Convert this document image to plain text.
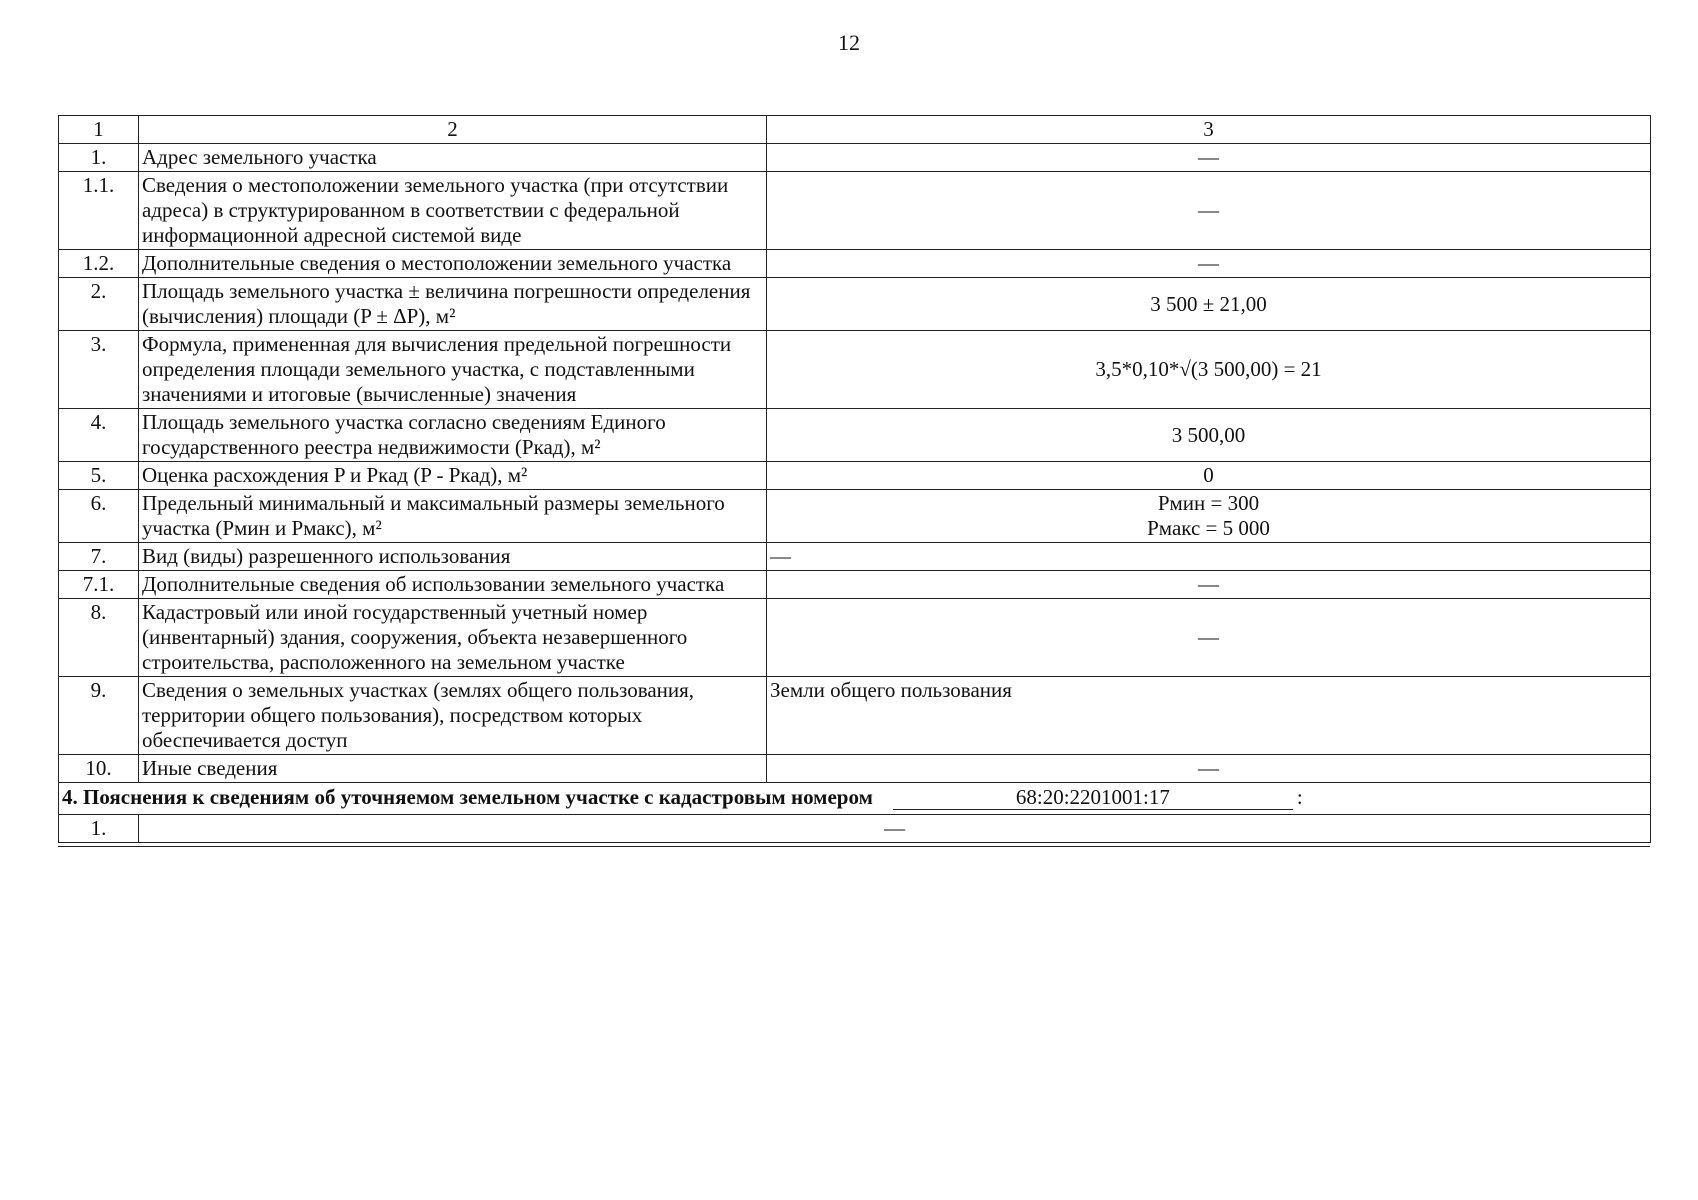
12
1	2	3
1.	Адрес земельного участка	—
1.1.	Сведения о местоположении земельного участка (при отсутствии адреса) в структурированном в соответствии с федеральной информационной адресной системой виде	—
1.2.	Дополнительные сведения о местоположении земельного участка	—
2.	Площадь земельного участка ± величина погрешности определения (вычисления) площади (P ± ΔP), м²	3 500 ± 21,00
3.	Формула, примененная для вычисления предельной погрешности определения площади земельного участка, с подставленными значениями и итоговые (вычисленные) значения	3,5*0,10*√(3 500,00) = 21
4.	Площадь земельного участка согласно сведениям Единого государственного реестра недвижимости (Pкад), м²	3 500,00
5.	Оценка расхождения P и Pкад (P - Pкад), м²	0
6.	Предельный минимальный и максимальный размеры земельного участка (Pмин и Pмакс), м²	Pмин = 300
Pмакс = 5 000

7.	Вид (виды) разрешенного использования	—
7.1.	Дополнительные сведения об использовании земельного участка	—
8.	Кадастровый или иной государственный учетный номер (инвентарный) здания, сооружения, объекта незавершенного строительства, расположенного на земельном участке	—
9.	Сведения о земельных участках (землях общего пользования, территории общего пользования), посредством которых обеспечивается доступ	Земли общего пользования
10.	Иные сведения	—
4. Пояснения к сведениям об уточняемом земельном участке с кадастровым номером 68:20:2201001:17 :		
1.	—	
